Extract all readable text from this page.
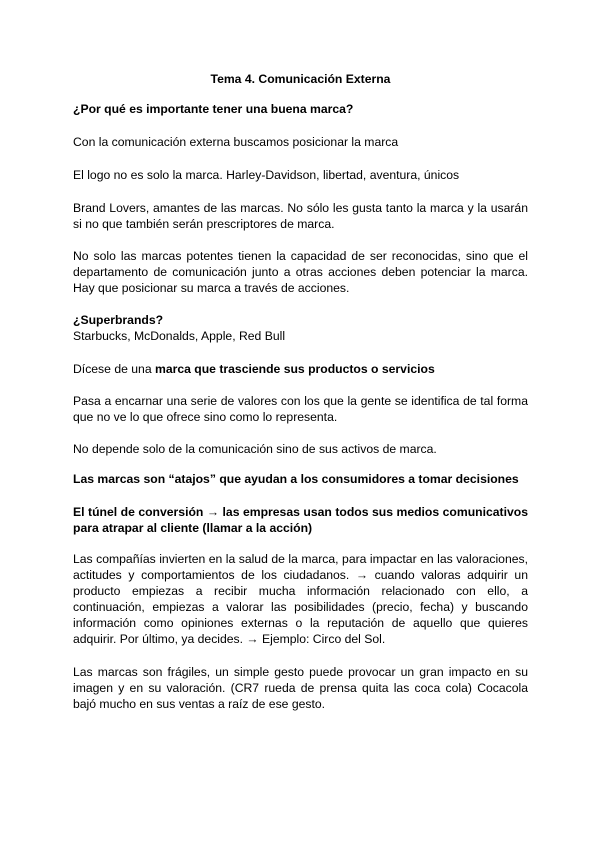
Tema 4. Comunicación Externa

¿Por qué es importante tener una buena marca?

Con la comunicación externa buscamos posicionar la marca

El logo no es solo la marca. Harley-Davidson, libertad, aventura, únicos

Brand Lovers, amantes de las marcas. No sólo les gusta tanto la marca y la usarán si no que también serán prescriptores de marca.

No solo las marcas potentes tienen la capacidad de ser reconocidas, sino que el departamento de comunicación junto a otras acciones deben potenciar la marca. Hay que posicionar su marca a través de acciones.

¿Superbrands?

Starbucks, McDonalds, Apple, Red Bull

Dícese de una marca que trasciende sus productos o servicios

Pasa a encarnar una serie de valores con los que la gente se identifica de tal forma que no ve lo que ofrece sino como lo representa.

No depende solo de la comunicación sino de sus activos de marca.

Las marcas son “atajos” que ayudan a los consumidores a tomar decisiones

El túnel de conversión → las empresas usan todos sus medios comunicativos para atrapar al cliente (llamar a la acción)

Las compañías invierten en la salud de la marca, para impactar en las valoraciones, actitudes y comportamientos de los ciudadanos. → cuando valoras adquirir un producto empiezas a recibir mucha información relacionado con ello, a continuación, empiezas a valorar las posibilidades (precio, fecha) y buscando información como opiniones externas o la reputación de aquello que quieres adquirir. Por último, ya decides. → Ejemplo: Circo del Sol.

Las marcas son frágiles, un simple gesto puede provocar un gran impacto en su imagen y en su valoración. (CR7 rueda de prensa quita las coca cola) Cocacola bajó mucho en sus ventas a raíz de ese gesto.
